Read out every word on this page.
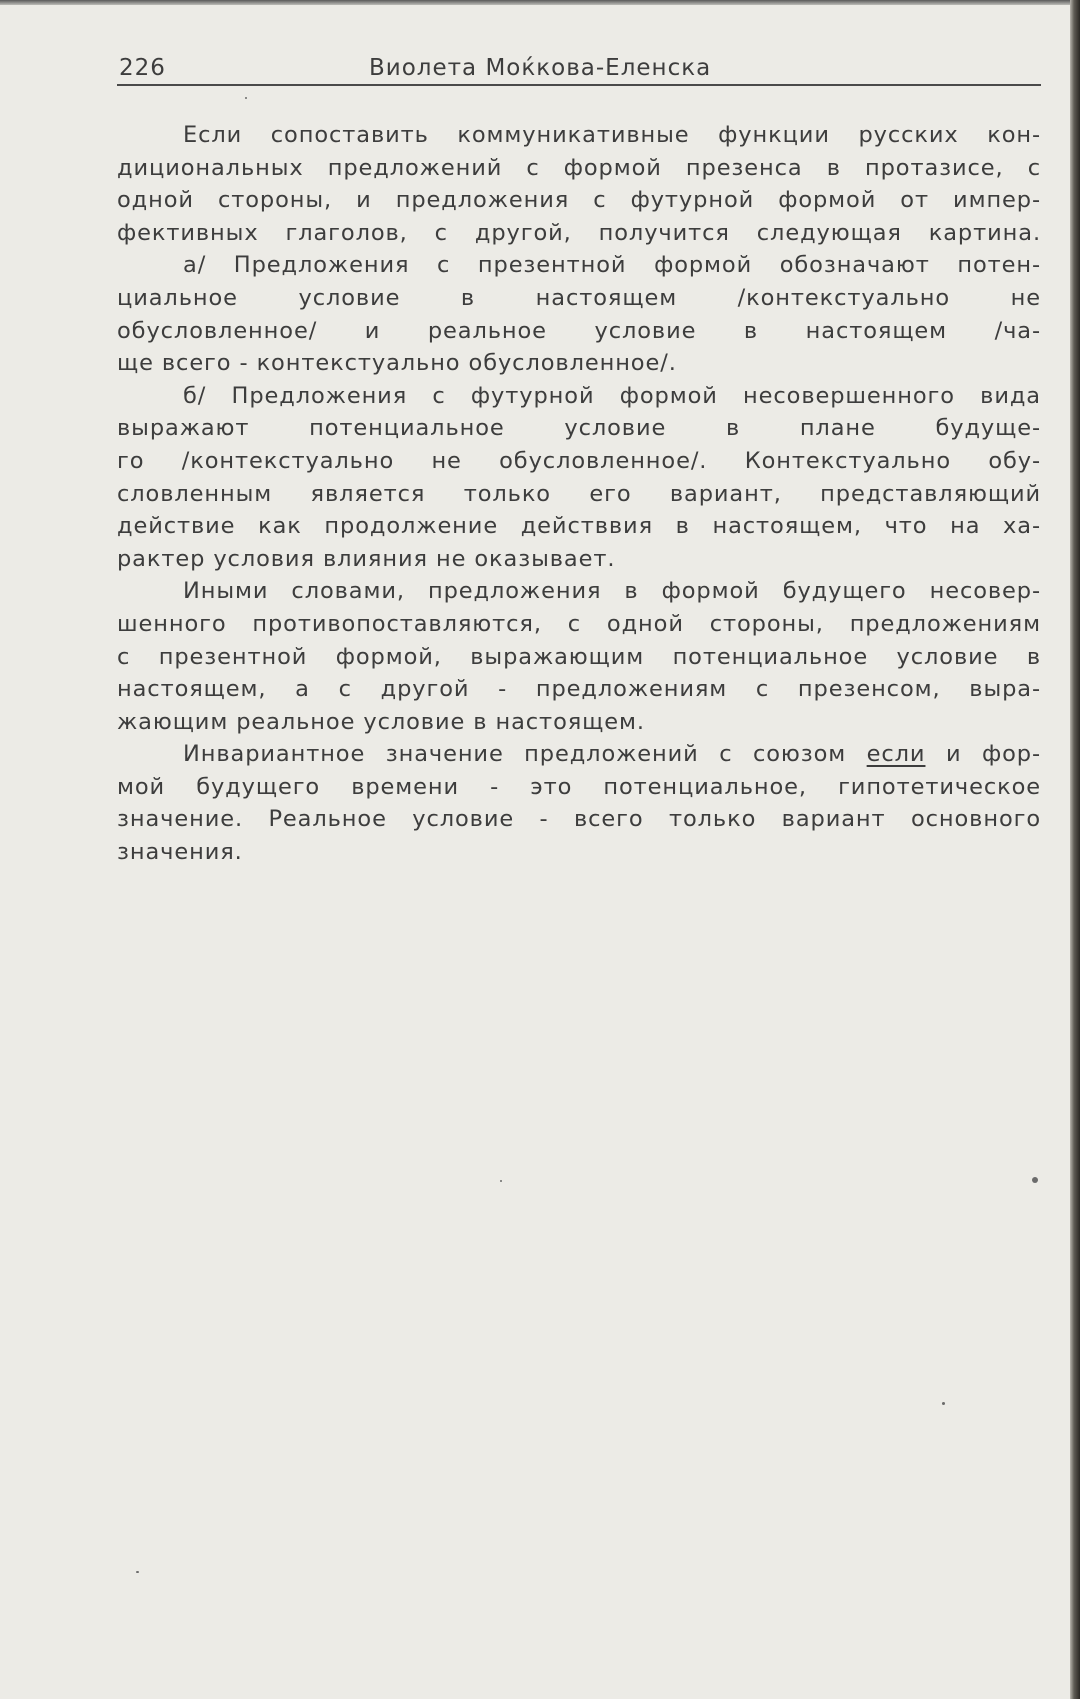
226	Виолета Моќкова-Еленска
Если сопоставить коммуникативные функции русских кон-
дициональных предложений с формой презенса в протазисе, с
одной стороны, и предложения с футурной формой от импер-
фективных глаголов, с другой, получится следующая картина.
а/ Предложения с презентной формой обозначают потен-
циальное условие в настоящем /контекстуально не
обусловленное/ и реальное условие в настоящем /ча-
ще всего - контекстуально обусловленное/.
б/ Предложения с футурной формой несовершенного вида
выражают потенциальное условие в плане будуще-
го /контекстуально не обусловленное/. Контекстуально обу-
словленным является только его вариант, представляющий
действие как продолжение действвия в настоящем, что на ха-
рактер условия влияния не оказывает.
Иными словами, предложения в формой будущего несовер-
шенного противопоставляются, с одной стороны, предложениям
с презентной формой, выражающим потенциальное условие в
настоящем, а с другой - предложениям с презенсом, выра-
жающим реальное условие в настоящем.
Инвариантное значение предложений с союзом если и фор-
мой будущего времени - это потенциальное, гипотетическое
значение. Реальное условие - всего только вариант основного
значения.
